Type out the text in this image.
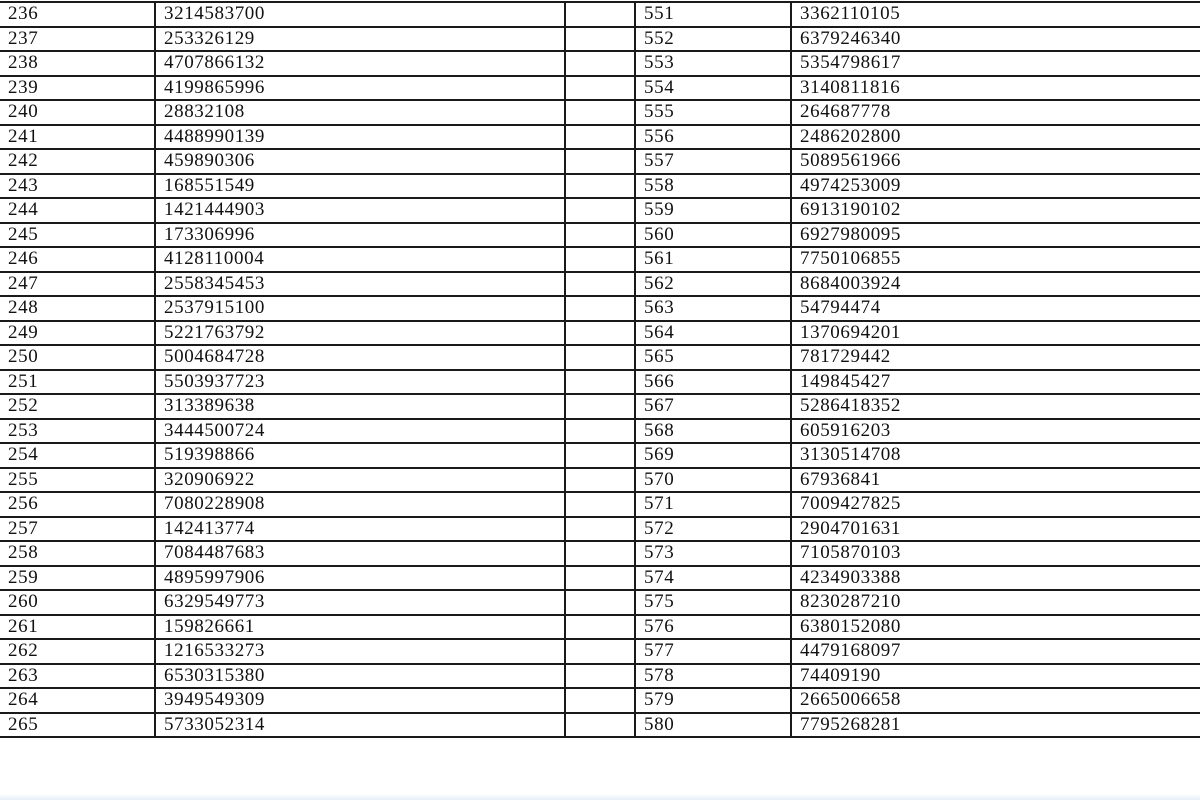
236	3214583700		551	3362110105
237	253326129		552	6379246340
238	4707866132		553	5354798617
239	4199865996		554	3140811816
240	28832108		555	264687778
241	4488990139		556	2486202800
242	459890306		557	5089561966
243	168551549		558	4974253009
244	1421444903		559	6913190102
245	173306996		560	6927980095
246	4128110004		561	7750106855
247	2558345453		562	8684003924
248	2537915100		563	54794474
249	5221763792		564	1370694201
250	5004684728		565	781729442
251	5503937723		566	149845427
252	313389638		567	5286418352
253	3444500724		568	605916203
254	519398866		569	3130514708
255	320906922		570	67936841
256	7080228908		571	7009427825
257	142413774		572	2904701631
258	7084487683		573	7105870103
259	4895997906		574	4234903388
260	6329549773		575	8230287210
261	159826661		576	6380152080
262	1216533273		577	4479168097
263	6530315380		578	74409190
264	3949549309		579	2665006658
265	5733052314		580	7795268281
